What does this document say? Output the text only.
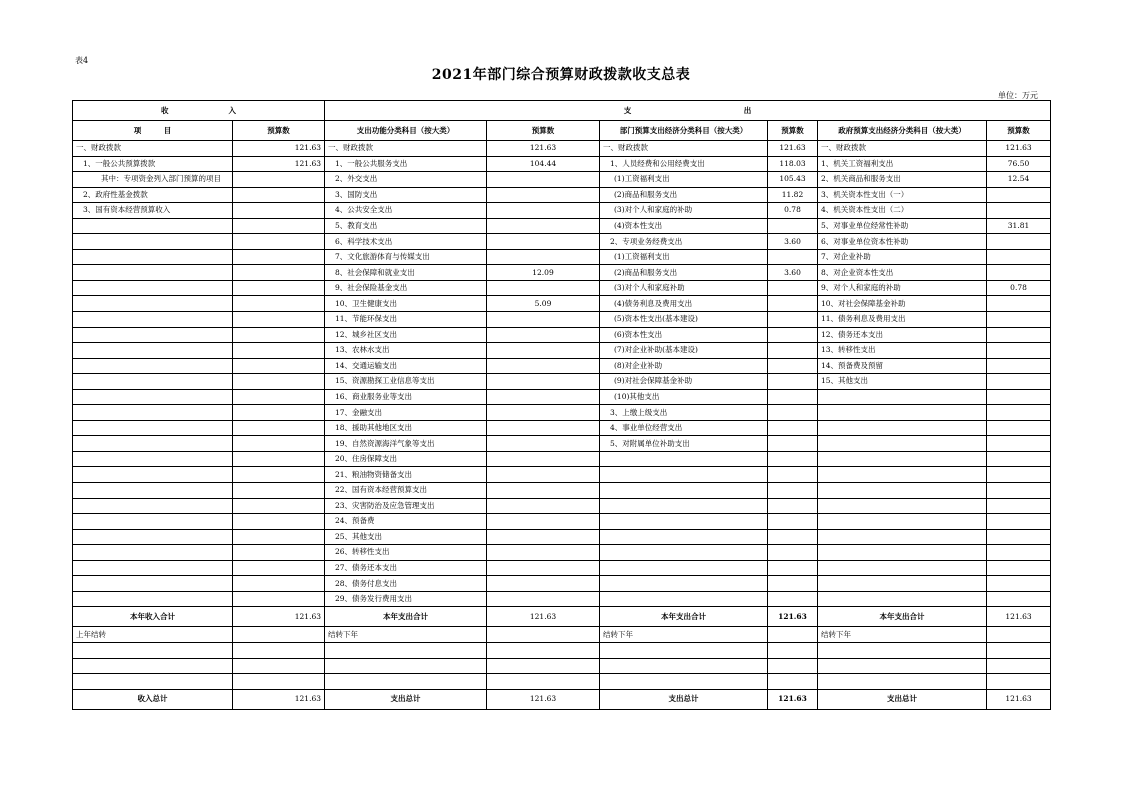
表4
2021年部门综合预算财政拨款收支总表
单位：万元
收　　　　　　　　入		支　　　　　　　　　　　　　　　出					
项　　　目	预算数	支出功能分类科目（按大类）	预算数	部门预算支出经济分类科目（按大类）	预算数	政府预算支出经济分类科目（按大类）	预算数
一、财政拨款	121.63	一、财政拨款	121.63	一、财政拨款	121.63	一、财政拨款	121.63
1、一般公共预算拨款	121.63	1、一般公共服务支出	104.44	1、人员经费和公用经费支出	118.03	1、机关工资福利支出	76.50
其中：专项资金列入部门预算的项目		2、外交支出		(1)工资福利支出	105.43	2、机关商品和服务支出	12.54
2、政府性基金拨款		3、国防支出		(2)商品和服务支出	11.82	3、机关资本性支出（一）	
3、国有资本经营预算收入		4、公共安全支出		(3)对个人和家庭的补助	0.78	4、机关资本性支出（二）	
		5、教育支出		(4)资本性支出		5、对事业单位经常性补助	31.81
		6、科学技术支出		2、专项业务经费支出	3.60	6、对事业单位资本性补助	
		7、文化旅游体育与传媒支出		(1)工资福利支出		7、对企业补助	
		8、社会保障和就业支出	12.09	(2)商品和服务支出	3.60	8、对企业资本性支出	
		9、社会保险基金支出		(3)对个人和家庭补助		9、对个人和家庭的补助	0.78
		10、卫生健康支出	5.09	(4)债务利息及费用支出		10、对社会保障基金补助	
		11、节能环保支出		(5)资本性支出(基本建设)		11、债务利息及费用支出	
		12、城乡社区支出		(6)资本性支出		12、债务还本支出	
		13、农林水支出		(7)对企业补助(基本建设)		13、转移性支出	
		14、交通运输支出		(8)对企业补助		14、预备费及预留	
		15、资源勘探工业信息等支出		(9)对社会保障基金补助		15、其他支出	
		16、商业服务业等支出		(10)其他支出			
		17、金融支出		3、上缴上级支出			
		18、援助其他地区支出		4、事业单位经营支出			
		19、自然资源海洋气象等支出		5、对附属单位补助支出			
		20、住房保障支出					
		21、粮油物资储备支出					
		22、国有资本经营预算支出					
		23、灾害防治及应急管理支出					
		24、预备费					
		25、其他支出					
		26、转移性支出					
		27、债务还本支出					
		28、债务付息支出					
		29、债务发行费用支出					
本年收入合计	121.63	本年支出合计	121.63	本年支出合计	121.63	本年支出合计	121.63
上年结转		结转下年		结转下年		结转下年	

收入总计	121.63	支出总计	121.63	支出总计	121.63	支出总计	121.63
